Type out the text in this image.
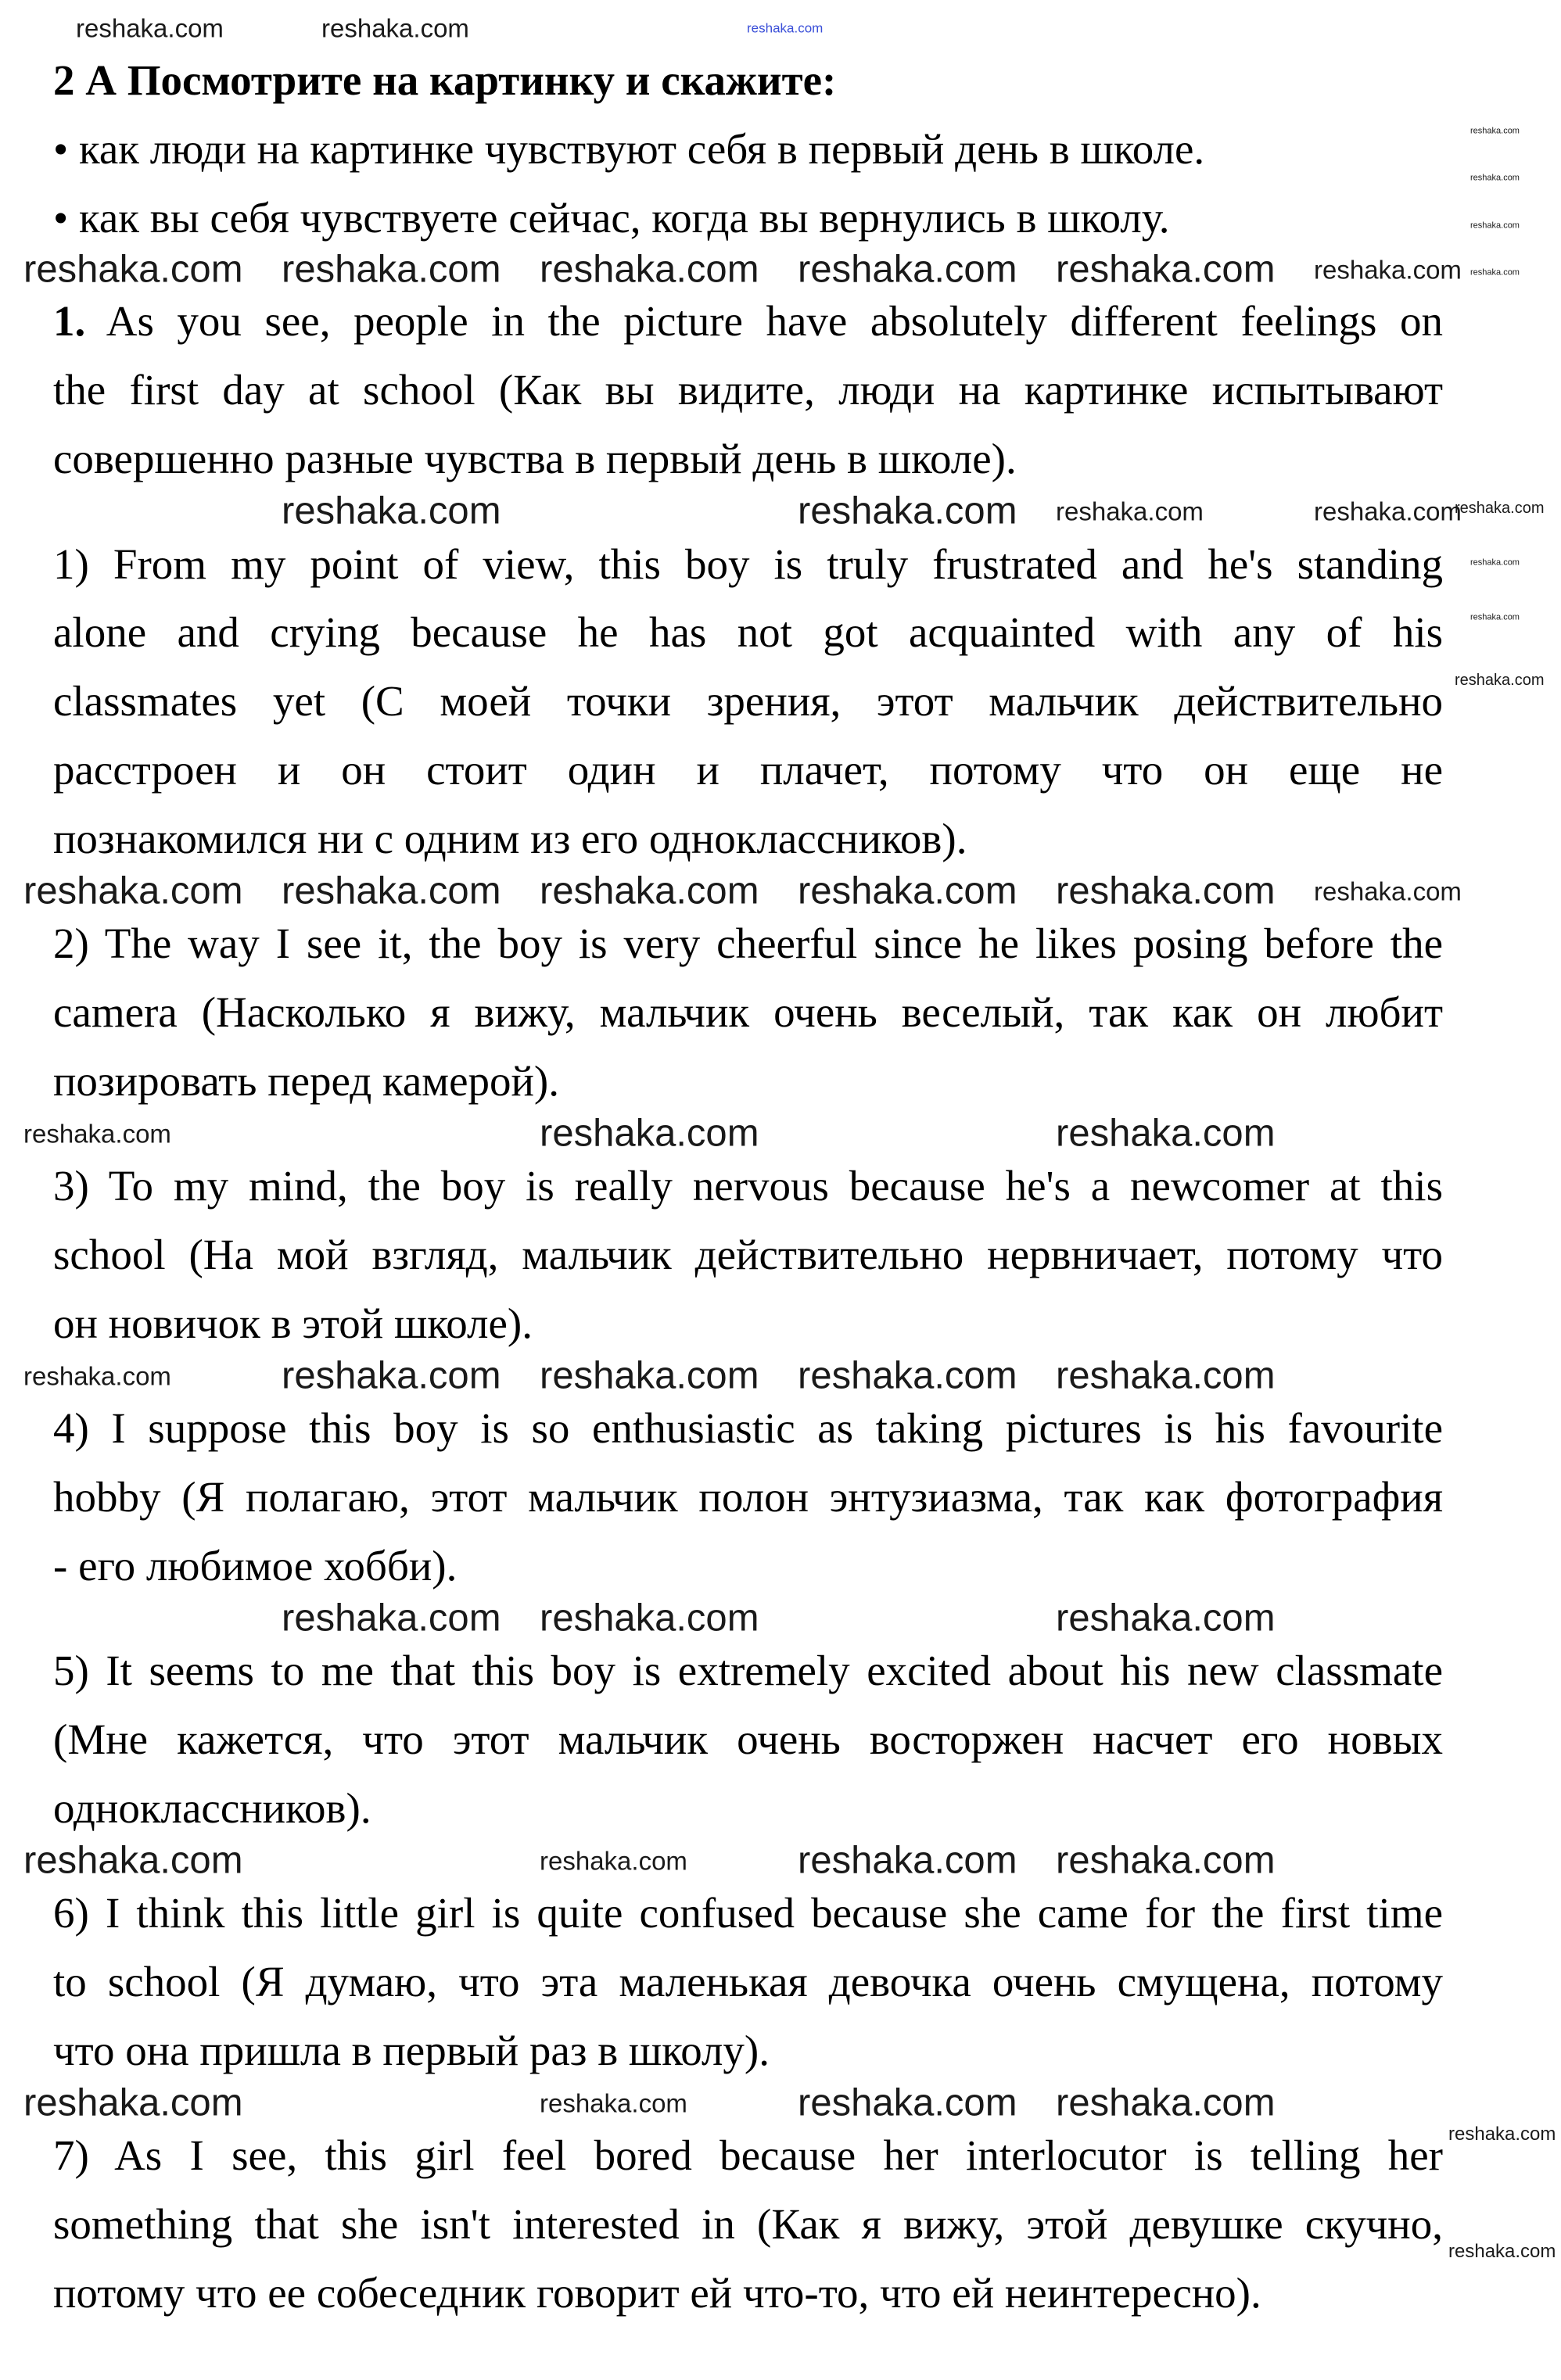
2 А Посмотрите на картинку и скажите:
• как люди на картинке чувствуют себя в первый день в школе.
• как вы себя чувствуете сейчас, когда вы вернулись в школу.
1. As you see, people in the picture have absolutely different feelings on
the first day at school (Как вы видите, люди на картинке испытывают
совершенно разные чувства в первый день в школе).
1) From my point of view, this boy is truly frustrated and he's standing
alone and crying because he has not got acquainted with any of his
classmates yet (С моей точки зрения, этот мальчик действительно
расстроен и он стоит один и плачет, потому что он еще не
познакомился ни с одним из его одноклассников).
2) The way I see it, the boy is very cheerful since he likes posing before the
camera (Насколько я вижу, мальчик очень веселый, так как он любит
позировать перед камерой).
3) To my mind, the boy is really nervous because he's a newcomer at this
school (На мой взгляд, мальчик действительно нервничает, потому что
он новичок в этой школе).
4) I suppose this boy is so enthusiastic as taking pictures is his favourite
hobby (Я полагаю, этот мальчик полон энтузиазма, так как фотография
- его любимое хобби).
5) It seems to me that this boy is extremely excited about his new classmate
(Мне кажется, что этот мальчик очень восторжен насчет его новых
одноклассников).
6) I think this little girl is quite confused because she came for the first time
to school (Я думаю, что эта маленькая девочка очень смущена, потому
что она пришла в первый раз в школу).
7) As I see, this girl feel bored because her interlocutor is telling her
something that she isn't interested in (Как я вижу, этой девушке скучно,
потому что ее собеседник говорит ей что-то, что ей неинтересно).
reshaka.com
reshaka.com	reshaka.com
reshaka.com reshaka.com reshaka.com reshaka.com reshaka.com reshaka.com
reshaka.com	reshaka.com reshaka.com	reshaka.com
reshaka.com reshaka.com reshaka.com reshaka.com reshaka.com reshaka.com
reshaka.com	reshaka.com	reshaka.com
reshaka.com	reshaka.com reshaka.com reshaka.com reshaka.com
reshaka.com reshaka.com	reshaka.com
reshaka.com	reshaka.com	reshaka.com reshaka.com
reshaka.com	reshaka.com	reshaka.com reshaka.com
reshaka.com
reshaka.com
reshaka.com
reshaka.com
reshaka.com
reshaka.com
reshaka.com
reshaka.com
reshaka.com
reshaka.com
